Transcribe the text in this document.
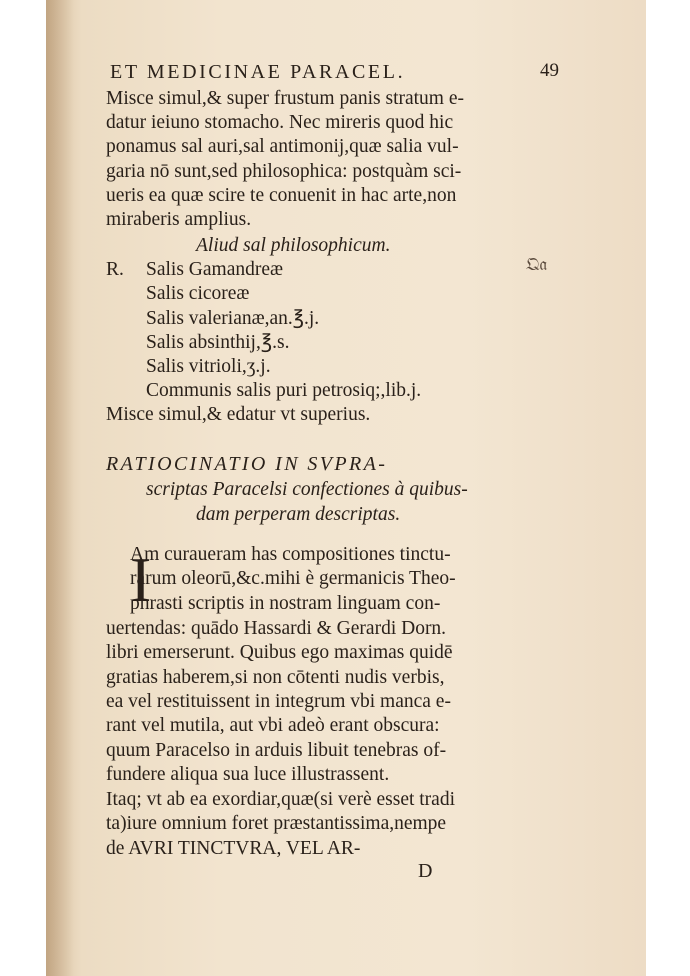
ET MEDICINAE PARACEL.	49
Misce simul,& super frustum panis stratum e-
datur ieiuno stomacho. Nec mireris quod hic
ponamus sal auri,sal antimonij,quæ salia vul-
garia nō sunt,sed philosophica: postquàm sci-
ueris ea quæ scire te conuenit in hac arte,non
miraberis amplius.
Aliud sal philosophicum.
R. Salis Gamandreæ
Salis cicoreæ
Salis valerianæ,an.℥.j.
Salis absinthij,℥.s.
Salis vitrioli,ʒ.j.
Communis salis puri petrosiq;,lib.j.
Misce simul,& edatur vt superius.
RATIOCINATIO IN SVPRA-
scriptas Paracelsi confectiones à quibus-
dam perperam descriptas.
I
Am curaueram has compositiones tinctu-
rarum oleorū,&c.mihi è germanicis Theo-
phrasti scriptis in nostram linguam con-
uertendas: quādo Hassardi & Gerardi Dorn.
libri emerserunt. Quibus ego maximas quidē
gratias haberem,si non cōtenti nudis verbis,
ea vel restituissent in integrum vbi manca e-
rant vel mutila, aut vbi adeò erant obscura:
quum Paracelso in arduis libuit tenebras of-
fundere aliqua sua luce illustrassent.
Itaq; vt ab ea exordiar,quæ(si verè esset tradi
ta)iure omnium foret præstantissima,nempe
de AVRI TINCTVRA, VEL AR-
D
𝔔𝔞
